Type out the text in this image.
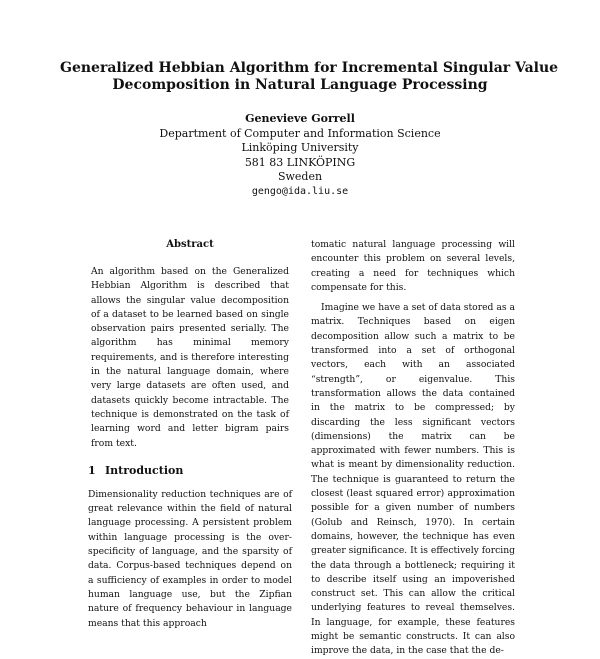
Generalized Hebbian Algorithm for Incremental Singular Value
Decomposition in Natural Language Processing
Genevieve Gorrell
Department of Computer and Information Science
Linköping University
581 83 LINKÖPING
Sweden
gengo@ida.liu.se
Abstract

An algorithm based on the Generalized Hebbian Algorithm is described that allows the singular value decomposition of a dataset to be learned based on single observation pairs presented serially. The algorithm has minimal memory requirements, and is therefore interesting in the natural language domain, where very large datasets are often used, and datasets quickly become intractable. The technique is demonstrated on the task of learning word and letter bigram pairs from text.

1 Introduction

Dimensionality reduction techniques are of great relevance within the field of natural language processing. A persistent problem within language processing is the over-specificity of language, and the sparsity of data. Corpus-based techniques depend on a sufficiency of examples in order to model human language use, but the Zipfian nature of frequency behaviour in language means that this approach

tomatic natural language processing will encounter this problem on several levels, creating a need for techniques which compensate for this.

Imagine we have a set of data stored as a matrix. Techniques based on eigen decomposition allow such a matrix to be transformed into a set of orthogonal vectors, each with an associated “strength”, or eigenvalue. This transformation allows the data contained in the matrix to be compressed; by discarding the less significant vectors (dimensions) the matrix can be approximated with fewer numbers. This is what is meant by dimensionality reduction. The technique is guaranteed to return the closest (least squared error) approximation possible for a given number of numbers (Golub and Reinsch, 1970). In certain domains, however, the technique has even greater significance. It is effectively forcing the data through a bottleneck; requiring it to describe itself using an impoverished construct set. This can allow the critical underlying features to reveal themselves. In language, for example, these features might be semantic constructs. It can also improve the data, in the case that the de-
